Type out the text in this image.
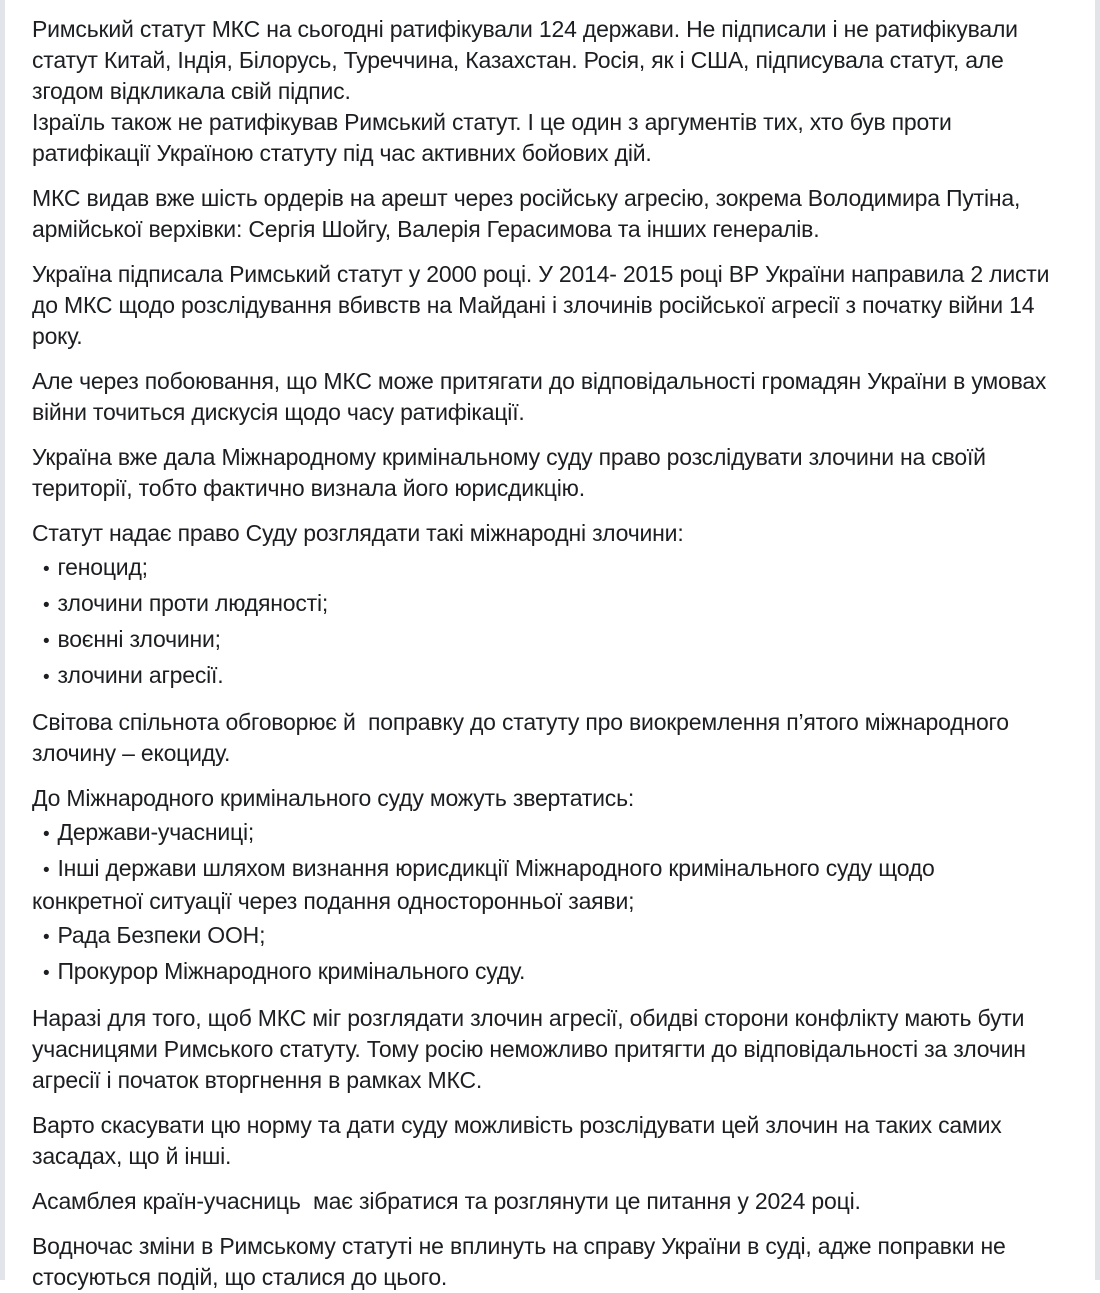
Римський статут МКС на сьогодні ратифікували 124 держави. Не підписали і не ратифікували статут Китай, Індія, Білорусь, Туреччина, Казахстан. Росія, як і США, підписувала статут, але згодом відкликала свій підпис.
Ізраїль також не ратифікував Римський статут. І це один з аргументів тих, хто був проти ратифікації Україною статуту під час активних бойових дій.
МКС видав вже шість ордерів на арешт через російську агресію, зокрема Володимира Путіна, армійської верхівки: Сергія Шойгу, Валерія Герасимова та інших генералів.
Україна підписала Римський статут у 2000 році. У 2014- 2015 році ВР України направила 2 листи до МКС щодо розслідування вбивств на Майдані і злочинів російської агресії з початку війни 14 року.
Але через побоювання, що МКС може притягати до відповідальності громадян України в умовах війни точиться дискусія щодо часу ратифікації.
Україна вже дала Міжнародному кримінальному суду право розслідувати злочини на своїй території, тобто фактично визнала його юрисдикцію.
Статут надає право Суду розглядати такі міжнародні злочини:
• геноцид;
• злочини проти людяності;
• воєнні злочини;
• злочини агресії.
Світова спільнота обговорює й  поправку до статуту про виокремлення п’ятого міжнародного злочину – екоциду.
До Міжнародного кримінального суду можуть звертатись:
• Держави-учасниці;
• Інші держави шляхом визнання юрисдикції Міжнародного кримінального суду щодо конкретної ситуації через подання односторонньої заяви;
• Рада Безпеки ООН;
• Прокурор Міжнародного кримінального суду.
Наразі для того, щоб МКС міг розглядати злочин агресії, обидві сторони конфлікту мають бути учасницями Римського статуту. Тому росію неможливо притягти до відповідальності за злочин агресії і початок вторгнення в рамках МКС.
Варто скасувати цю норму та дати суду можливість розслідувати цей злочин на таких самих засадах, що й інші.
Асамблея країн-учасниць  має зібратися та розглянути це питання у 2024 році.
Водночас зміни в Римському статуті не вплинуть на справу України в суді, адже поправки не стосуються подій, що сталися до цього.
